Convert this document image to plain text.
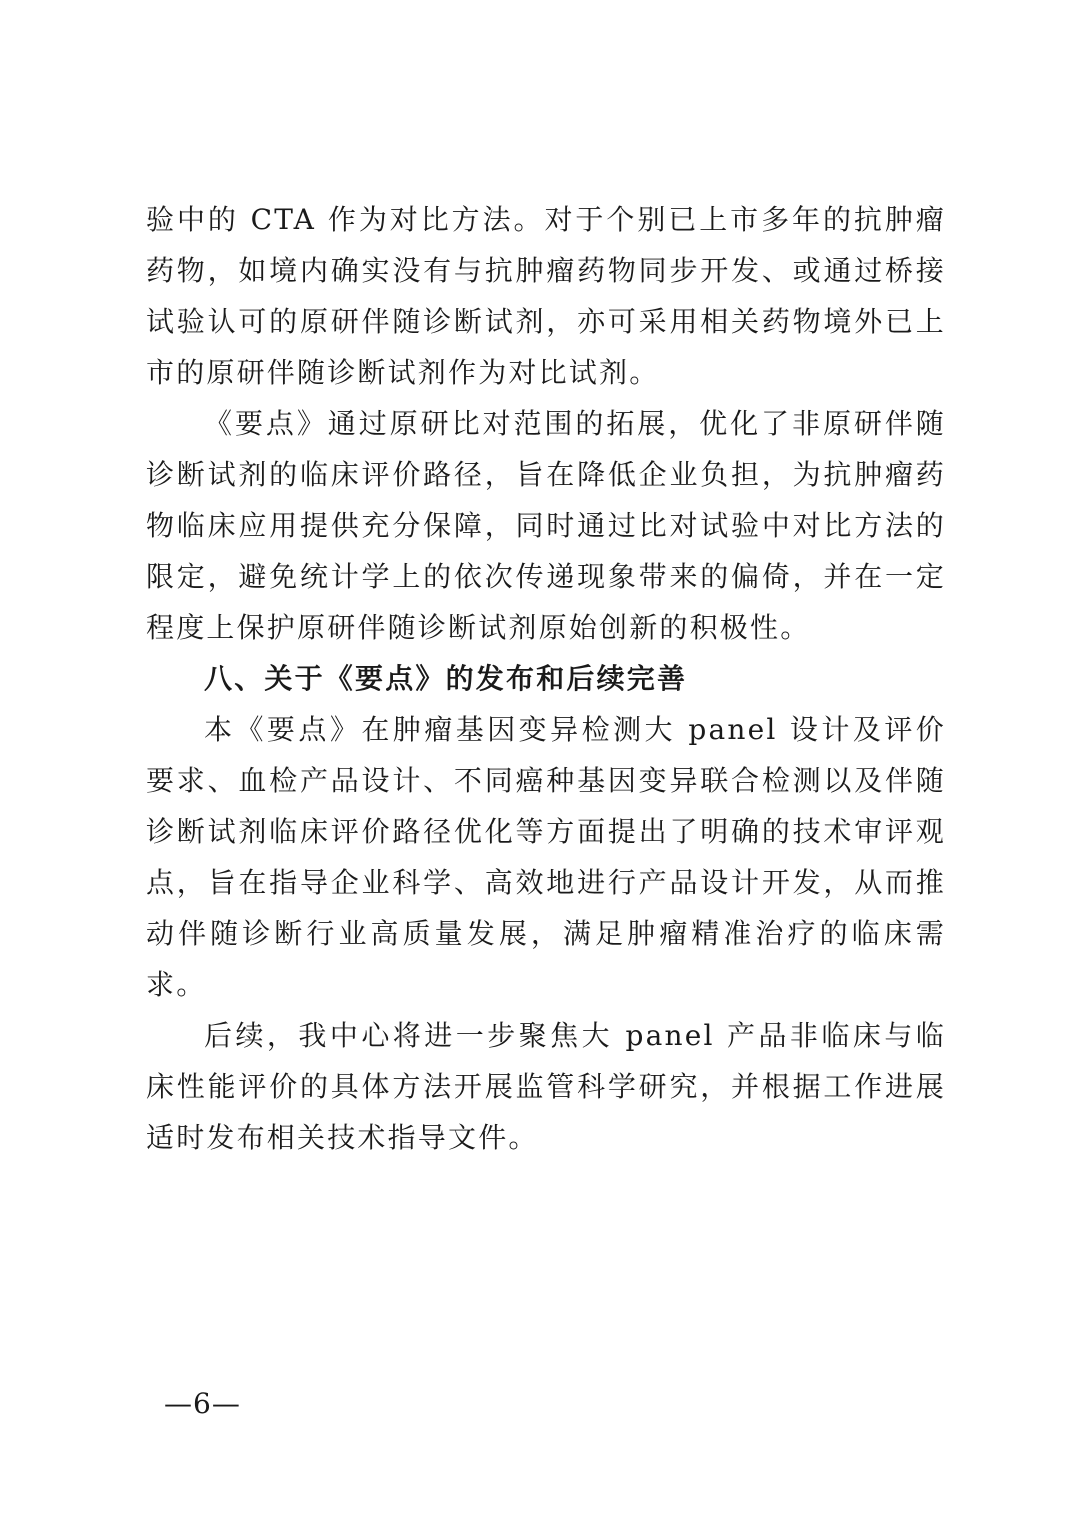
验中的 CTA 作为对比方法。对于个别已上市多年的抗肿瘤药物，如境内确实没有与抗肿瘤药物同步开发、或通过桥接试验认可的原研伴随诊断试剂，亦可采用相关药物境外已上市的原研伴随诊断试剂作为对比试剂。

《要点》通过原研比对范围的拓展，优化了非原研伴随诊断试剂的临床评价路径，旨在降低企业负担，为抗肿瘤药物临床应用提供充分保障，同时通过比对试验中对比方法的限定，避免统计学上的依次传递现象带来的偏倚，并在一定程度上保护原研伴随诊断试剂原始创新的积极性。

八、关于《要点》的发布和后续完善

本《要点》在肿瘤基因变异检测大 panel 设计及评价要求、血检产品设计、不同癌种基因变异联合检测以及伴随诊断试剂临床评价路径优化等方面提出了明确的技术审评观点，旨在指导企业科学、高效地进行产品设计开发，从而推动伴随诊断行业高质量发展，满足肿瘤精准治疗的临床需求。

后续，我中心将进一步聚焦大 panel 产品非临床与临床性能评价的具体方法开展监管科学研究，并根据工作进展适时发布相关技术指导文件。

—6—
